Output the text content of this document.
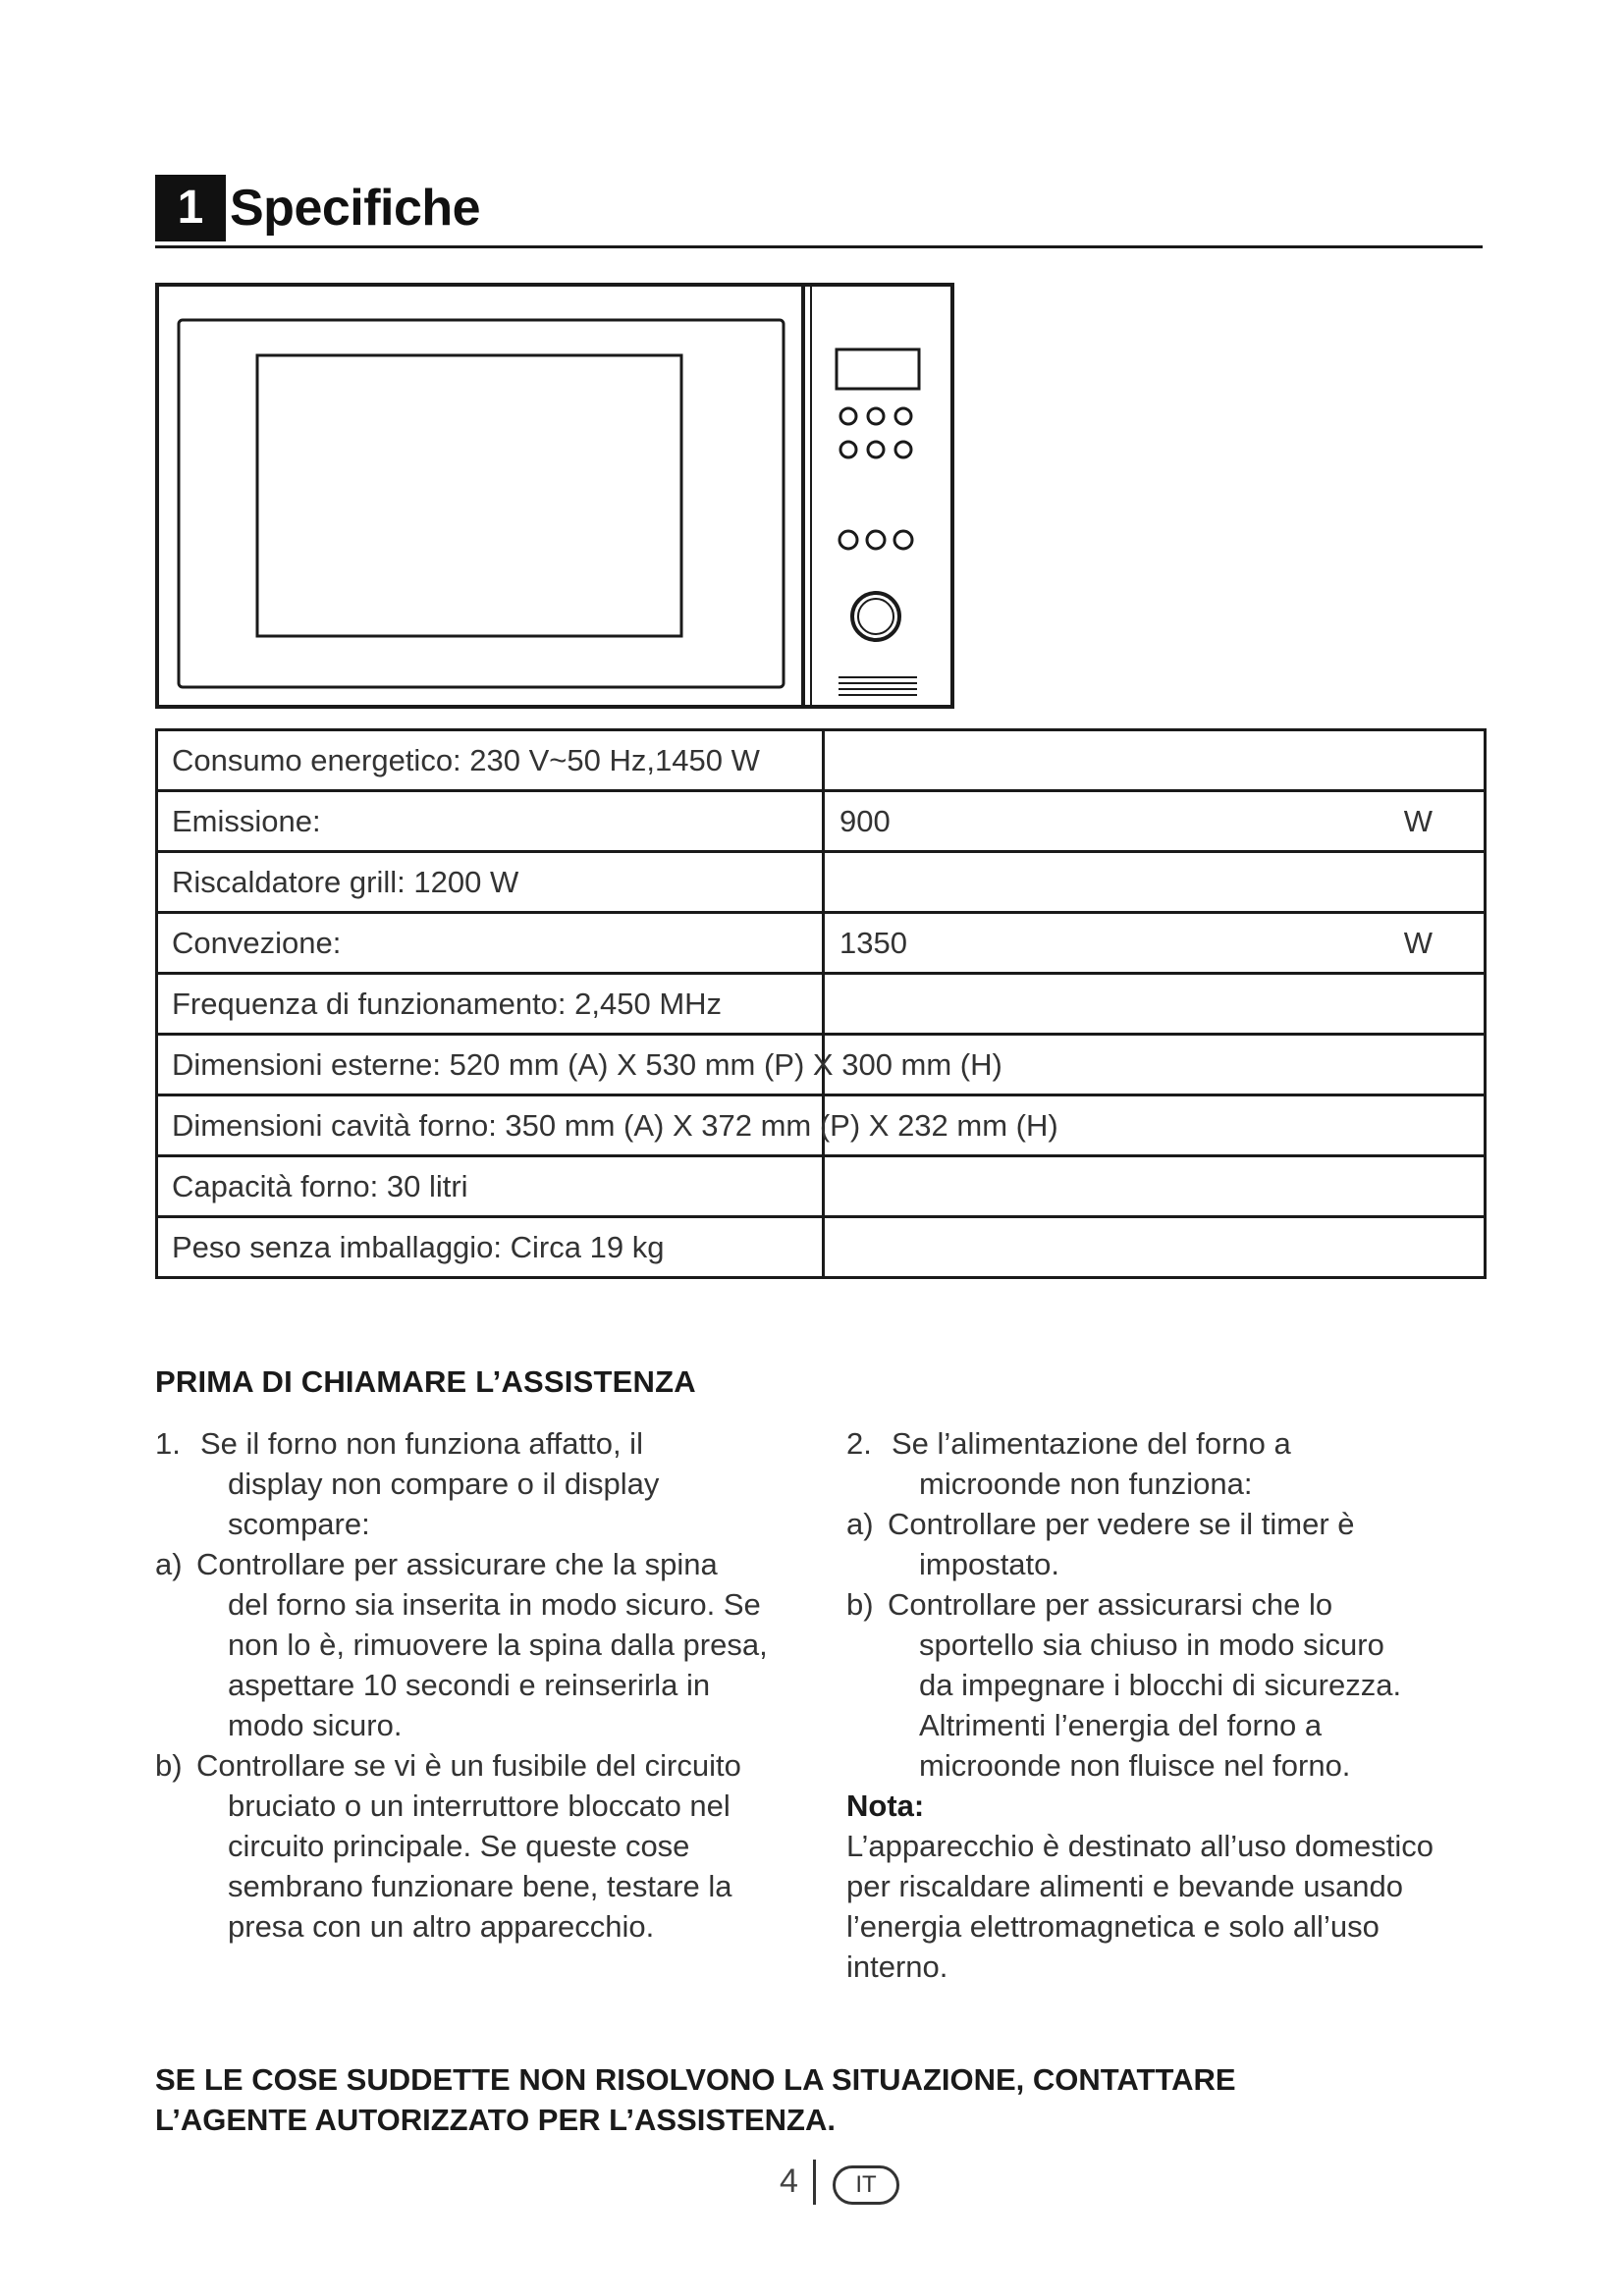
1 Specifiche
Consumo energetico: 230 V~50 Hz,1450 W
Emissione:	900	W
Riscaldatore grill: 1200 W
Convezione:	1350	W
Frequenza di funzionamento: 2,450 MHz
Dimensioni esterne: 520 mm (A) X 530 mm (P) X 300 mm (H)
Dimensioni cavità forno: 350 mm (A) X 372 mm (P) X 232 mm (H)
Capacità forno: 30 litri
Peso senza imballaggio: Circa 19 kg
PRIMA DI CHIAMARE L’ASSISTENZA
1. Se il forno non funziona affatto, il
display non compare o il display
scompare:
a) Controllare per assicurare che la spina
del forno sia inserita in modo sicuro. Se
non lo è, rimuovere la spina dalla presa,
aspettare 10 secondi e reinserirla in
modo sicuro.
b) Controllare se vi è un fusibile del circuito
bruciato o un interruttore bloccato nel
circuito principale. Se queste cose
sembrano funzionare bene, testare la
presa con un altro apparecchio.
2. Se l’alimentazione del forno a
microonde non funziona:
a) Controllare per vedere se il timer è
impostato.
b) Controllare per assicurarsi che lo
sportello sia chiuso in modo sicuro
da impegnare i blocchi di sicurezza.
Altrimenti l’energia del forno a
microonde non fluisce nel forno.
Nota:
L’apparecchio è destinato all’uso domestico
per riscaldare alimenti e bevande usando
l’energia elettromagnetica e solo all’uso
interno.
SE LE COSE SUDDETTE NON RISOLVONO LA SITUAZIONE, CONTATTARE
L’AGENTE AUTORIZZATO PER L’ASSISTENZA.
4	IT
